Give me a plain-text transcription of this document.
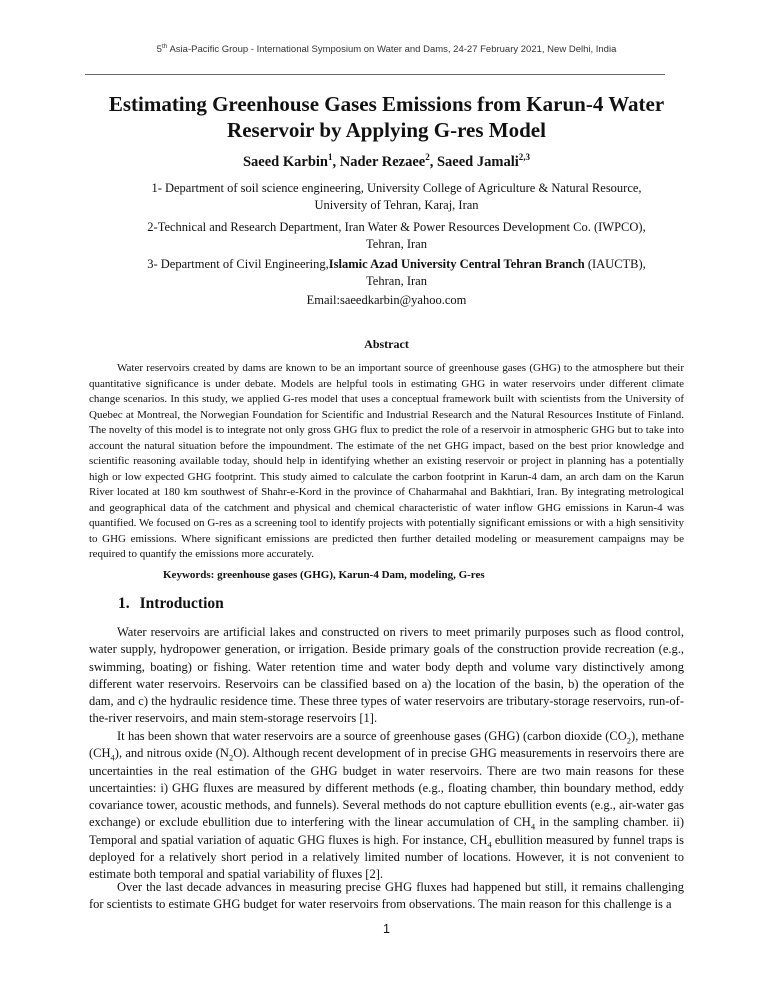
5th Asia-Pacific Group - International Symposium on Water and Dams, 24-27 February 2021, New Delhi, India
Estimating Greenhouse Gases Emissions from Karun-4 Water
Reservoir by Applying G-res Model
Saeed Karbin$^1$, Nader Rezaee$^2$, Saeed Jamali$^{2,3}$
1- Department of soil science engineering, University College of Agriculture & Natural Resource,
University of Tehran, Karaj, Iran
2-Technical and Research Department, Iran Water & Power Resources Development Co. (IWPCO),
Tehran, Iran
3- Department of Civil Engineering,Islamic Azad University Central Tehran Branch (IAUCTB),
Tehran, Iran
Email:saeedkarbin@yahoo.com
Abstract

Water reservoirs created by dams are known to be an important source of greenhouse gases (GHG) to the atmosphere but their quantitative significance is under debate. Models are helpful tools in estimating GHG in water reservoirs under different climate change scenarios. In this study, we applied G-res model that uses a conceptual framework built with scientists from the University of Quebec at Montreal, the Norwegian Foundation for Scientific and Industrial Research and the Natural Resources Institute of Finland. The novelty of this model is to integrate not only gross GHG flux to predict the role of a reservoir in atmospheric GHG but to take into account the natural situation before the impoundment. The estimate of the net GHG impact, based on the best prior knowledge and scientific reasoning available today, should help in identifying whether an existing reservoir or project in planning has a potentially high or low expected GHG footprint. This study aimed to calculate the carbon footprint in Karun-4 dam, an arch dam on the Karun River located at 180 km southwest of Shahr-e-Kord in the province of Chaharmahal and Bakhtiari, Iran. By integrating metrological and geographical data of the catchment and physical and chemical characteristic of water inflow GHG emissions in Karun-4 was quantified. We focused on G-res as a screening tool to identify projects with potentially significant emissions or with a high sensitivity to GHG emissions. Where significant emissions are predicted then further detailed modeling or measurement campaigns may be required to quantify the emissions more accurately.

Keywords: greenhouse gases (GHG), Karun-4 Dam, modeling, G-res
1. Introduction

Water reservoirs are artificial lakes and constructed on rivers to meet primarily purposes such as flood control, water supply, hydropower generation, or irrigation. Beside primary goals of the construction provide recreation (e.g., swimming, boating) or fishing. Water retention time and water body depth and volume vary distinctively among different water reservoirs. Reservoirs can be classified based on a) the location of the basin, b) the operation of the dam, and c) the hydraulic residence time. These three types of water reservoirs are tributary-storage reservoirs, run-of-the-river reservoirs, and main stem-storage reservoirs [1].

It has been shown that water reservoirs are a source of greenhouse gases (GHG) (carbon dioxide $(CO_2)$, methane $(CH_4)$, and nitrous oxide $(N_2O)$. Although recent development of in precise GHG measurements in reservoirs there are uncertainties in the real estimation of the GHG budget in water reservoirs. There are two main reasons for these uncertainties: i) GHG fluxes are measured by different methods (e.g., floating chamber, thin boundary method, eddy covariance tower, acoustic methods, and funnels). Several methods do not capture ebullition events (e.g., air-water gas exchange) or exclude ebullition due to interfering with the linear accumulation of $CH_4$ in the sampling chamber. ii) Temporal and spatial variation of aquatic GHG fluxes is high. For instance, $CH_4$ ebullition measured by funnel traps is deployed for a relatively short period in a relatively limited number of locations. However, it is not convenient to estimate both temporal and spatial variability of fluxes [2].

Over the last decade advances in measuring precise GHG fluxes had happened but still, it remains challenging for scientists to estimate GHG budget for water reservoirs from observations. The main reason for this challenge is a

1
